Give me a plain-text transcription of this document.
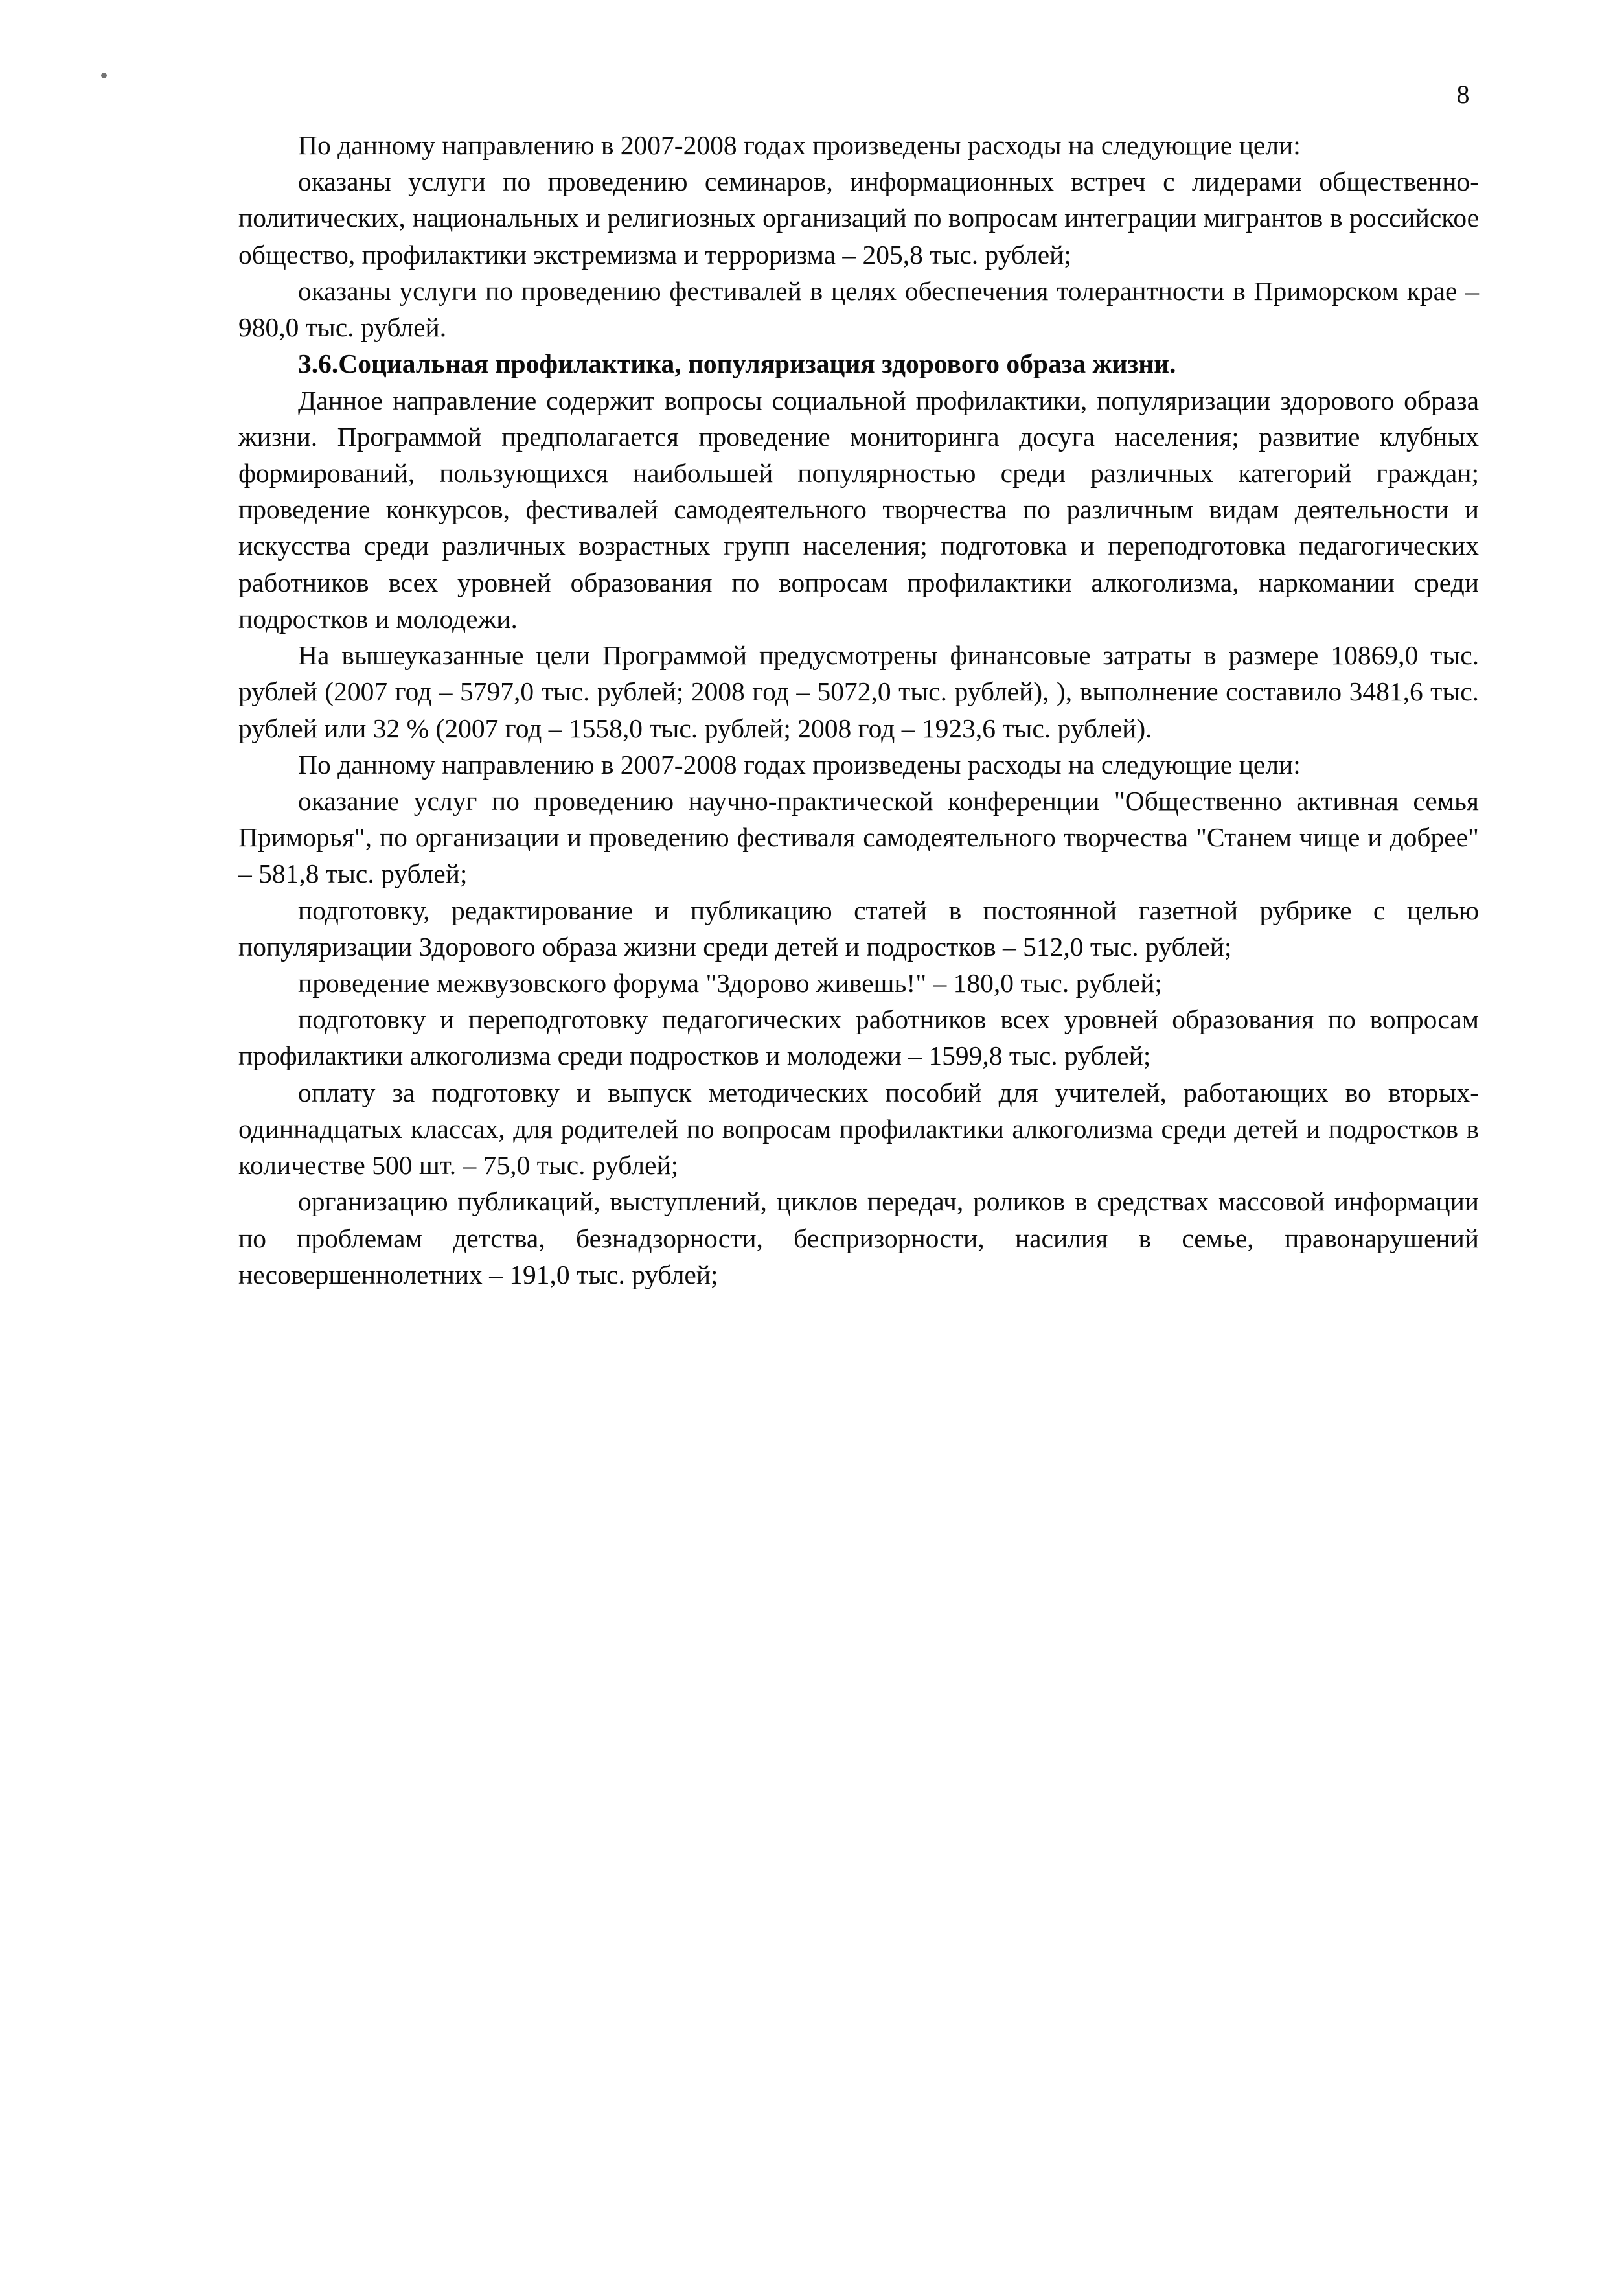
8

По данному направлению в 2007-2008 годах произведены расходы на следующие цели:

оказаны услуги по проведению семинаров, информационных встреч с лидерами общественно-политических, национальных и религиозных организаций по вопросам интеграции мигрантов в российское общество, профилактики экстремизма и терроризма – 205,8 тыс. рублей;

оказаны услуги по проведению фестивалей в целях обеспечения толерантности в Приморском крае – 980,0 тыс. рублей.

3.6.Социальная профилактика, популяризация здорового образа жизни.

Данное направление содержит вопросы социальной профилактики, популяризации здорового образа жизни. Программой предполагается проведение мониторинга досуга населения; развитие клубных формирований, пользующихся наибольшей популярностью среди различных категорий граждан; проведение конкурсов, фестивалей самодеятельного творчества по различным видам деятельности и искусства среди различных возрастных групп населения; подготовка и переподготовка педагогических работников всех уровней образования по вопросам профилактики алкоголизма, наркомании среди подростков и молодежи.

На вышеуказанные цели Программой предусмотрены финансовые затраты в размере 10869,0 тыс. рублей (2007 год – 5797,0 тыс. рублей; 2008 год – 5072,0 тыс. рублей), ), выполнение составило 3481,6 тыс. рублей или 32 % (2007 год – 1558,0 тыс. рублей; 2008 год – 1923,6 тыс. рублей).

По данному направлению в 2007-2008 годах произведены расходы на следующие цели:

оказание услуг по проведению научно-практической конференции "Общественно активная семья Приморья", по организации и проведению фестиваля самодеятельного творчества "Станем чище и добрее" – 581,8 тыс. рублей;

подготовку, редактирование и публикацию статей в постоянной газетной рубрике с целью популяризации Здорового образа жизни среди детей и подростков – 512,0 тыс. рублей;

проведение межвузовского форума "Здорово живешь!" – 180,0 тыс. рублей;

подготовку и переподготовку педагогических работников всех уровней образования по вопросам профилактики алкоголизма среди подростков и молодежи – 1599,8 тыс. рублей;

оплату за подготовку и выпуск методических пособий для учителей, работающих во вторых-одиннадцатых классах, для родителей по вопросам профилактики алкоголизма среди детей и подростков в количестве 500 шт. – 75,0 тыс. рублей;

организацию публикаций, выступлений, циклов передач, роликов в средствах массовой информации по проблемам детства, безнадзорности, беспризорности, насилия в семье, правонарушений несовершеннолетних – 191,0 тыс. рублей;
